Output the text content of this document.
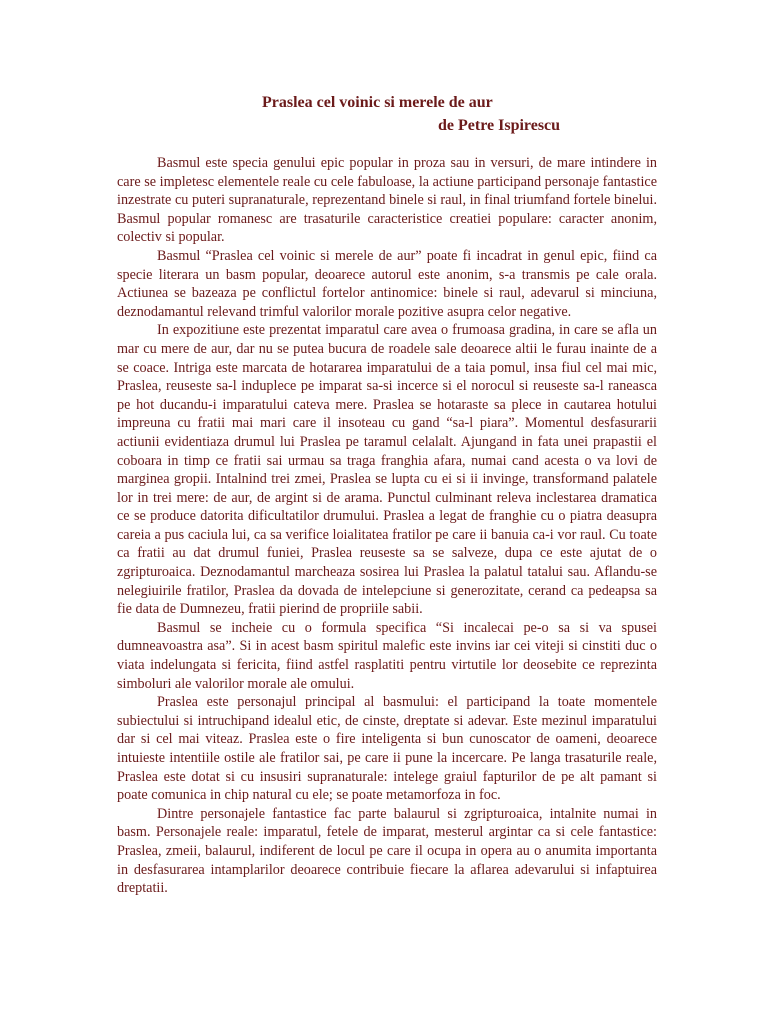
Praslea cel voinic si merele de aur
de Petre Ispirescu

Basmul este specia genului epic popular in proza sau in versuri, de mare intindere in care se impletesc elementele reale cu cele fabuloase, la actiune participand personaje fantastice inzestrate cu puteri supranaturale, reprezentand binele si raul, in final triumfand fortele binelui. Basmul popular romanesc are trasaturile caracteristice creatiei populare: caracter anonim, colectiv si popular.

Basmul “Praslea cel voinic si merele de aur” poate fi incadrat in genul epic, fiind ca specie literara un basm popular, deoarece autorul este anonim, s-a transmis pe cale orala. Actiunea se bazeaza pe conflictul fortelor antinomice: binele si raul, adevarul si minciuna, deznodamantul relevand trimful valorilor morale pozitive asupra celor negative.

In expozitiune este prezentat imparatul care avea o frumoasa gradina, in care se afla un mar cu mere de aur, dar nu se putea bucura de roadele sale deoarece altii le furau inainte de a se coace. Intriga este marcata de hotararea imparatului de a taia pomul, insa fiul cel mai mic, Praslea, reuseste sa-l induplece pe imparat sa-si incerce si el norocul si reuseste sa-l raneasca pe hot ducandu-i imparatului cateva mere. Praslea se hotaraste sa plece in cautarea hotului impreuna cu fratii mai mari care il insoteau cu gand “sa-l piara”. Momentul desfasurarii actiunii evidentiaza drumul lui Praslea pe taramul celalalt. Ajungand in fata unei prapastii el coboara in timp ce fratii sai urmau sa traga franghia afara, numai cand acesta o va lovi de marginea gropii. Intalnind trei zmei, Praslea se lupta cu ei si ii invinge, transformand palatele lor in trei mere: de aur, de argint si de arama. Punctul culminant releva inclestarea dramatica ce se produce datorita dificultatilor drumului. Praslea a legat de franghie cu o piatra deasupra careia a pus caciula lui, ca sa verifice loialitatea fratilor pe care ii banuia ca-i vor raul. Cu toate ca fratii au dat drumul funiei, Praslea reuseste sa se salveze, dupa ce este ajutat de o zgripturoaica. Deznodamantul marcheaza sosirea lui Praslea la palatul tatalui sau. Aflandu-se nelegiuirile fratilor, Praslea da dovada de intelepciune si generozitate, cerand ca pedeapsa sa fie data de Dumnezeu, fratii pierind de propriile sabii.

Basmul se incheie cu o formula specifica “Si incalecai pe-o sa si va spusei dumneavoastra asa”. Si in acest basm spiritul malefic este invins iar cei viteji si cinstiti duc o viata indelungata si fericita, fiind astfel rasplatiti pentru virtutile lor deosebite ce reprezinta simboluri ale valorilor morale ale omului.

Praslea este personajul principal al basmului: el participand la toate momentele subiectului si intruchipand idealul etic, de cinste, dreptate si adevar. Este mezinul imparatului dar si cel mai viteaz. Praslea este o fire inteligenta si bun cunoscator de oameni, deoarece intuieste intentiile ostile ale fratilor sai, pe care ii pune la incercare. Pe langa trasaturile reale, Praslea este dotat si cu insusiri supranaturale: intelege graiul fapturilor de pe alt pamant si poate comunica in chip natural cu ele; se poate metamorfoza in foc.

Dintre personajele fantastice fac parte balaurul si zgripturoaica, intalnite numai in basm. Personajele reale: imparatul, fetele de imparat, mesterul argintar ca si cele fantastice: Praslea, zmeii, balaurul, indiferent de locul pe care il ocupa in opera au o anumita importanta in desfasurarea intamplarilor deoarece contribuie fiecare la aflarea adevarului si infaptuirea dreptatii.
